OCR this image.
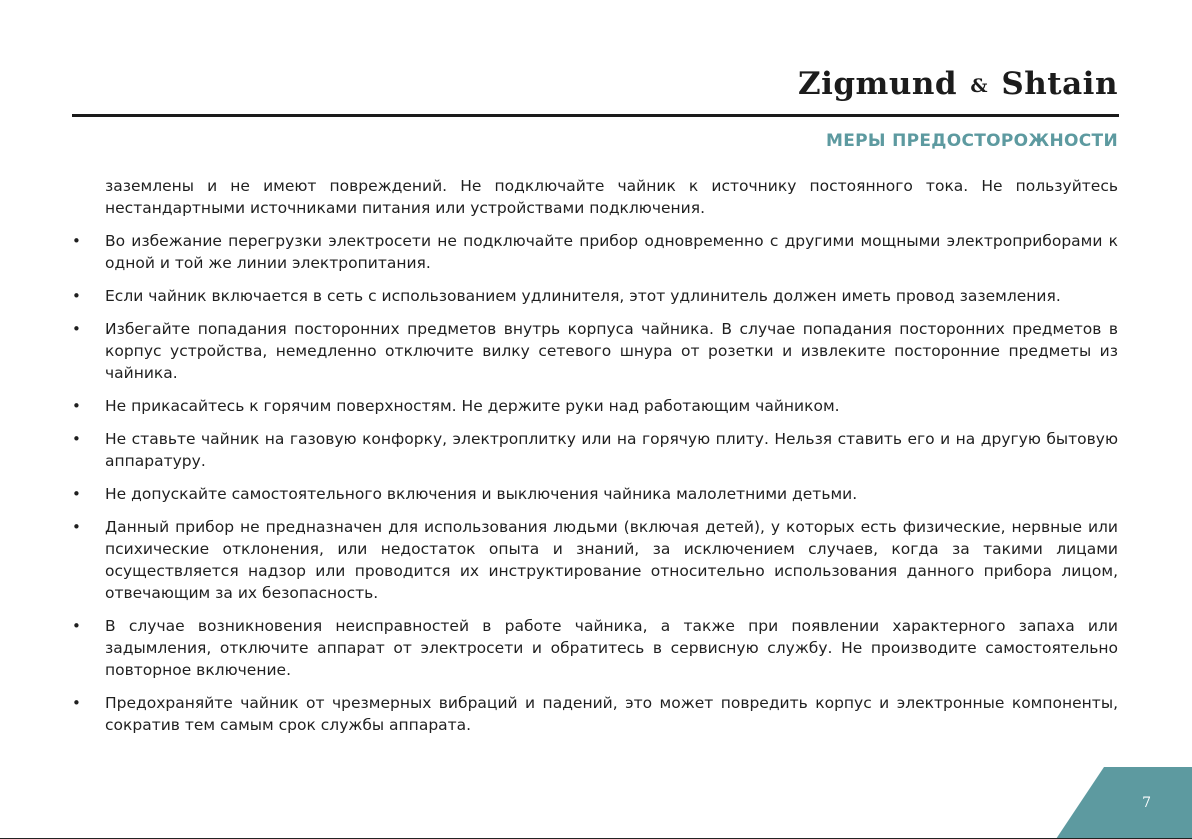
Zigmund & Shtain
МЕРЫ ПРЕДОСТОРОЖНОСТИ

заземлены и не имеют повреждений. Не подключайте чайник к источнику постоянного тока. Не пользуйтесь нестандартными источниками питания или устройствами подключения.

• Во избежание перегрузки электросети не подключайте прибор одновременно с другими мощными электроприборами к одной и той же линии электропитания.
• Если чайник включается в сеть с использованием удлинителя, этот удлинитель должен иметь провод заземления.
• Избегайте попадания посторонних предметов внутрь корпуса чайника. В случае попадания посторонних предметов в корпус устройства, немедленно отключите вилку сетевого шнура от розетки и извлеките посторонние предметы из чайника.
• Не прикасайтесь к горячим поверхностям. Не держите руки над работающим чайником.
• Не ставьте чайник на газовую конфорку, электроплитку или на горячую плиту. Нельзя ставить его и на другую бытовую аппаратуру.
• Не допускайте самостоятельного включения и выключения чайника малолетними детьми.
• Данный прибор не предназначен для использования людьми (включая детей), у которых есть физические, нервные или психические отклонения, или недостаток опыта и знаний, за исключением случаев, когда за такими лицами осуществляется надзор или проводится их инструктирование относительно использования данного прибора лицом, отвечающим за их безопасность.
• В случае возникновения неисправностей в работе чайника, а также при появлении характерного запаха или задымления, отключите аппарат от электросети и обратитесь в сервисную службу. Не производите самостоятельно повторное включение.
• Предохраняйте чайник от чрезмерных вибраций и падений, это может повредить корпус и электронные компоненты, сократив тем самым срок службы аппарата.
7
